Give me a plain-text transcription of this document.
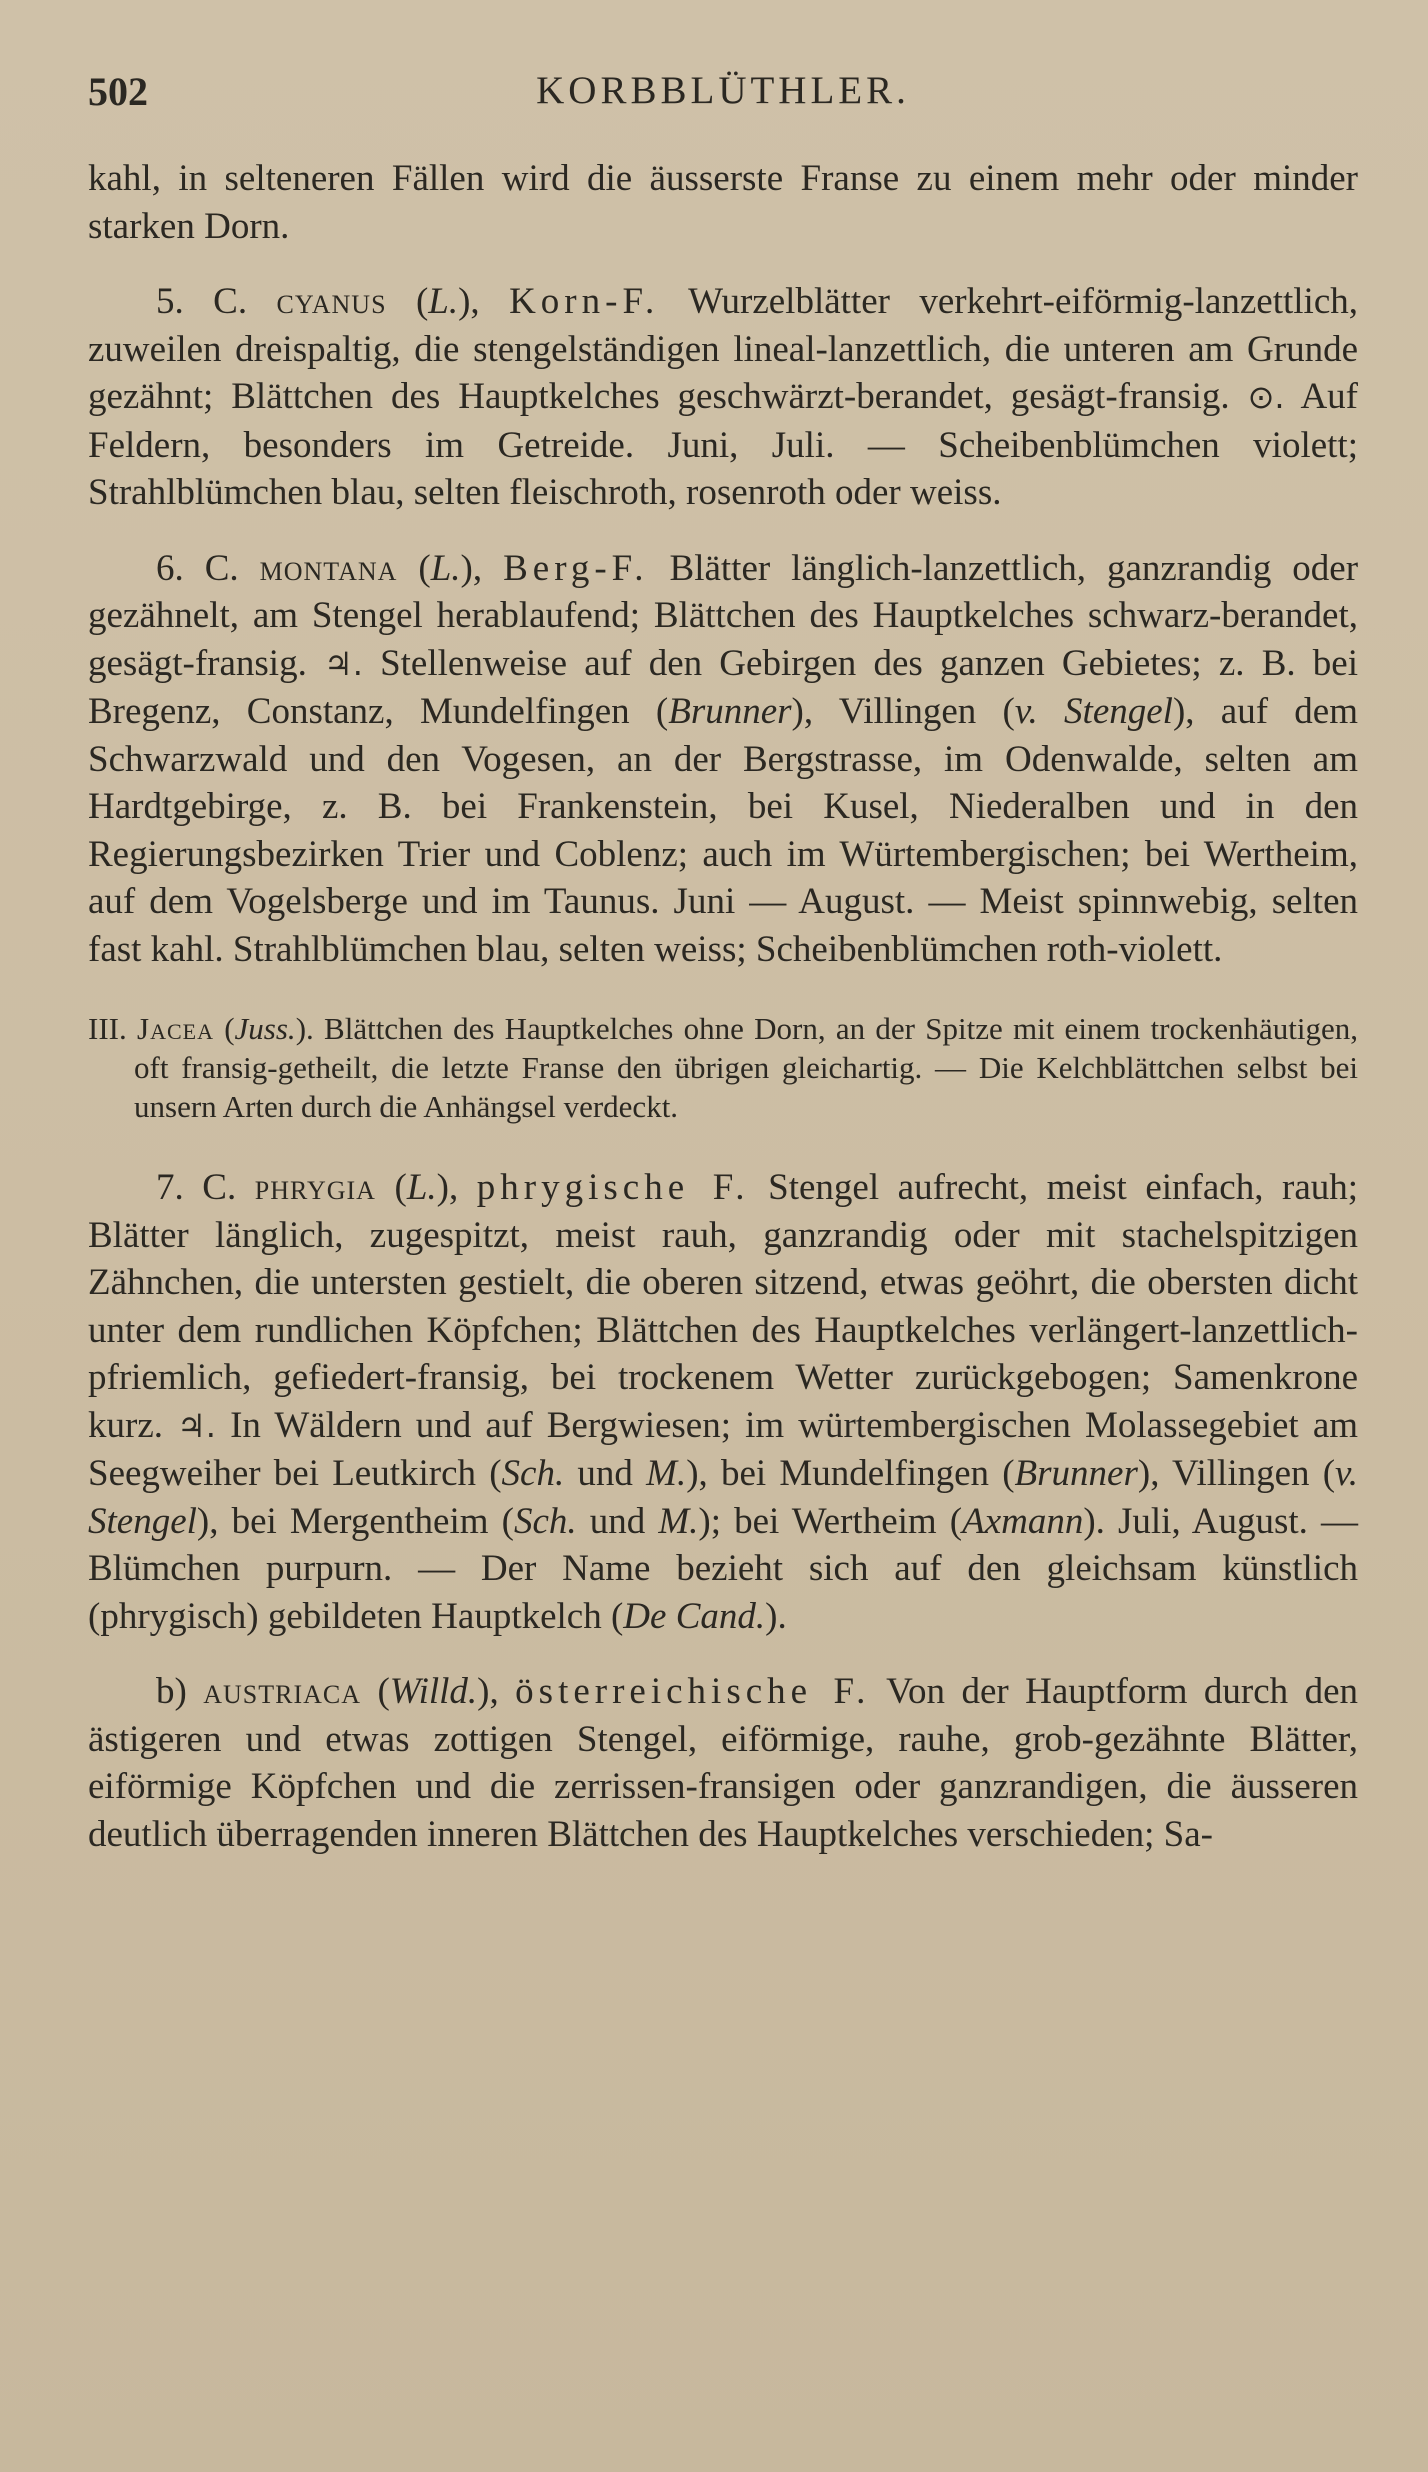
502	KORBBLÜTHLER.

kahl, in selteneren Fällen wird die äusserste Franse zu einem mehr oder minder starken Dorn.

5. C. cyanus (L.), Korn-F. Wurzelblätter verkehrt-eiförmig-lanzettlich, zuweilen dreispaltig, die stengelständigen lineal-lanzettlich, die unteren am Grunde gezähnt; Blättchen des Hauptkelches geschwärzt-berandet, gesägt-fransig. ⊙. Auf Feldern, besonders im Getreide. Juni, Juli. — Scheibenblümchen violett; Strahlblümchen blau, selten fleischroth, rosenroth oder weiss.

6. C. montana (L.), Berg-F. Blätter länglich-lanzettlich, ganzrandig oder gezähnelt, am Stengel herablaufend; Blättchen des Hauptkelches schwarz-berandet, gesägt-fransig. ♃. Stellenweise auf den Gebirgen des ganzen Gebietes; z. B. bei Bregenz, Constanz, Mundelfingen (Brunner), Villingen (v. Stengel), auf dem Schwarzwald und den Vogesen, an der Bergstrasse, im Odenwalde, selten am Hardtgebirge, z. B. bei Frankenstein, bei Kusel, Niederalben und in den Regierungsbezirken Trier und Coblenz; auch im Würtembergischen; bei Wertheim, auf dem Vogelsberge und im Taunus. Juni — August. — Meist spinnwebig, selten fast kahl. Strahlblümchen blau, selten weiss; Scheibenblümchen roth-violett.

III. Jacea (Juss.). Blättchen des Hauptkelches ohne Dorn, an der Spitze mit einem trockenhäutigen, oft fransig-getheilt, die letzte Franse den übrigen gleichartig. — Die Kelchblättchen selbst bei unsern Arten durch die Anhängsel verdeckt.

7. C. phrygia (L.), phrygische F. Stengel aufrecht, meist einfach, rauh; Blätter länglich, zugespitzt, meist rauh, ganzrandig oder mit stachelspitzigen Zähnchen, die untersten gestielt, die oberen sitzend, etwas geöhrt, die obersten dicht unter dem rundlichen Köpfchen; Blättchen des Hauptkelches verlängert-lanzettlich-pfriemlich, gefiedert-fransig, bei trockenem Wetter zurückgebogen; Samenkrone kurz. ♃. In Wäldern und auf Bergwiesen; im würtembergischen Molassegebiet am Seegweiher bei Leutkirch (Sch. und M.), bei Mundelfingen (Brunner), Villingen (v. Stengel), bei Mergentheim (Sch. und M.); bei Wertheim (Axmann). Juli, August. — Blümchen purpurn. — Der Name bezieht sich auf den gleichsam künstlich (phrygisch) gebildeten Hauptkelch (De Cand.).

b) austriaca (Willd.), österreichische F. Von der Hauptform durch den ästigeren und etwas zottigen Stengel, eiförmige, rauhe, grob-gezähnte Blätter, eiförmige Köpfchen und die zerrissen-fransigen oder ganzrandigen, die äusseren deutlich überragenden inneren Blättchen des Hauptkelches verschieden; Sa-
